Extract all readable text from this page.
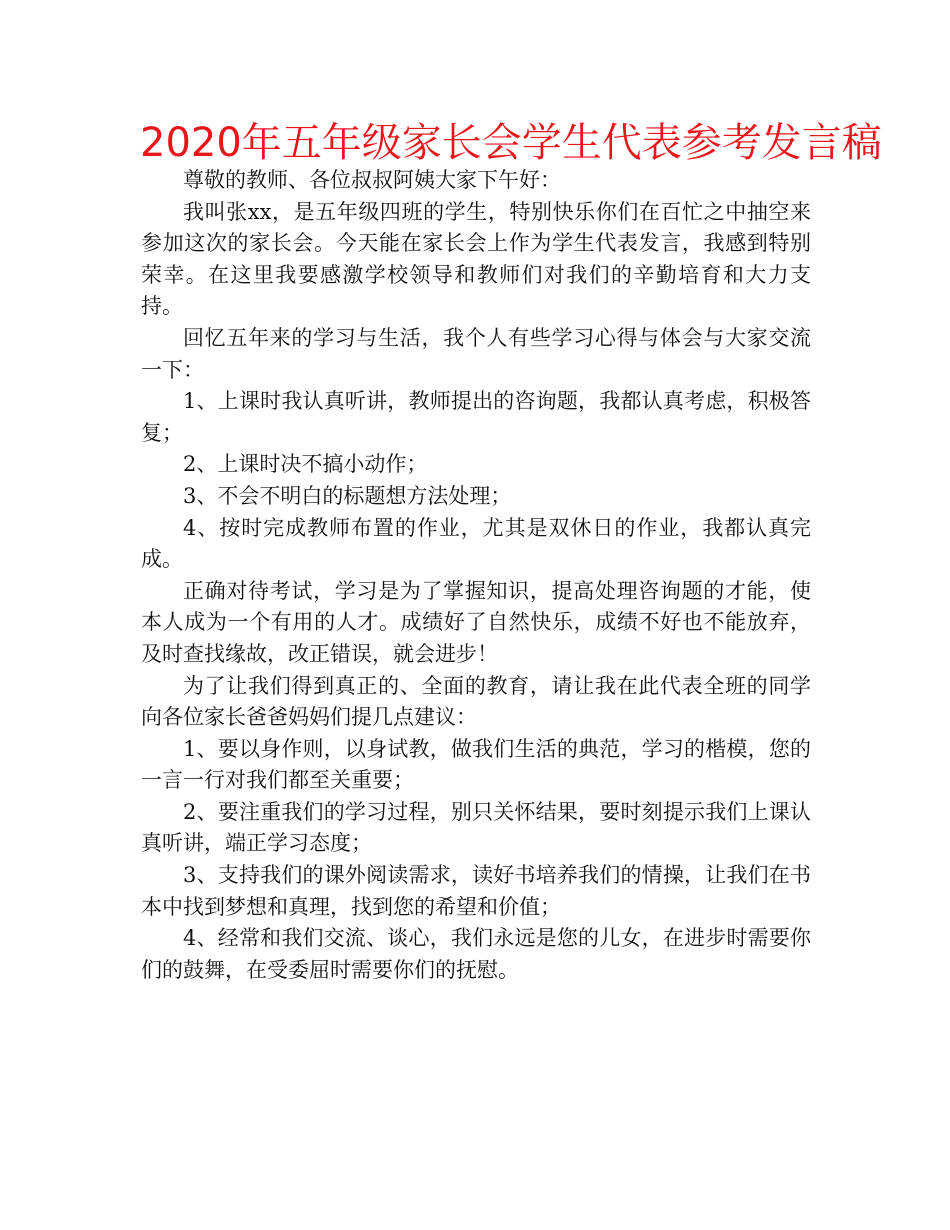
2020年五年级家长会学生代表参考发言稿

尊敬的教师、各位叔叔阿姨大家下午好：

我叫张xx，是五年级四班的学生，特别快乐你们在百忙之中抽空来参加这次的家长会。今天能在家长会上作为学生代表发言，我感到特别荣幸。在这里我要感激学校领导和教师们对我们的辛勤培育和大力支持。

回忆五年来的学习与生活，我个人有些学习心得与体会与大家交流一下：

1、上课时我认真听讲，教师提出的咨询题，我都认真考虑，积极答复；

2、上课时决不搞小动作；

3、不会不明白的标题想方法处理；

4、按时完成教师布置的作业，尤其是双休日的作业，我都认真完成。

正确对待考试，学习是为了掌握知识，提高处理咨询题的才能，使本人成为一个有用的人才。成绩好了自然快乐，成绩不好也不能放弃，及时查找缘故，改正错误，就会进步！

为了让我们得到真正的、全面的教育，请让我在此代表全班的同学向各位家长爸爸妈妈们提几点建议：

1、要以身作则，以身试教，做我们生活的典范，学习的楷模，您的一言一行对我们都至关重要；

2、要注重我们的学习过程，别只关怀结果，要时刻提示我们上课认真听讲，端正学习态度；

3、支持我们的课外阅读需求，读好书培养我们的情操，让我们在书本中找到梦想和真理，找到您的希望和价值；

4、经常和我们交流、谈心，我们永远是您的儿女，在进步时需要你们的鼓舞，在受委屈时需要你们的抚慰。
